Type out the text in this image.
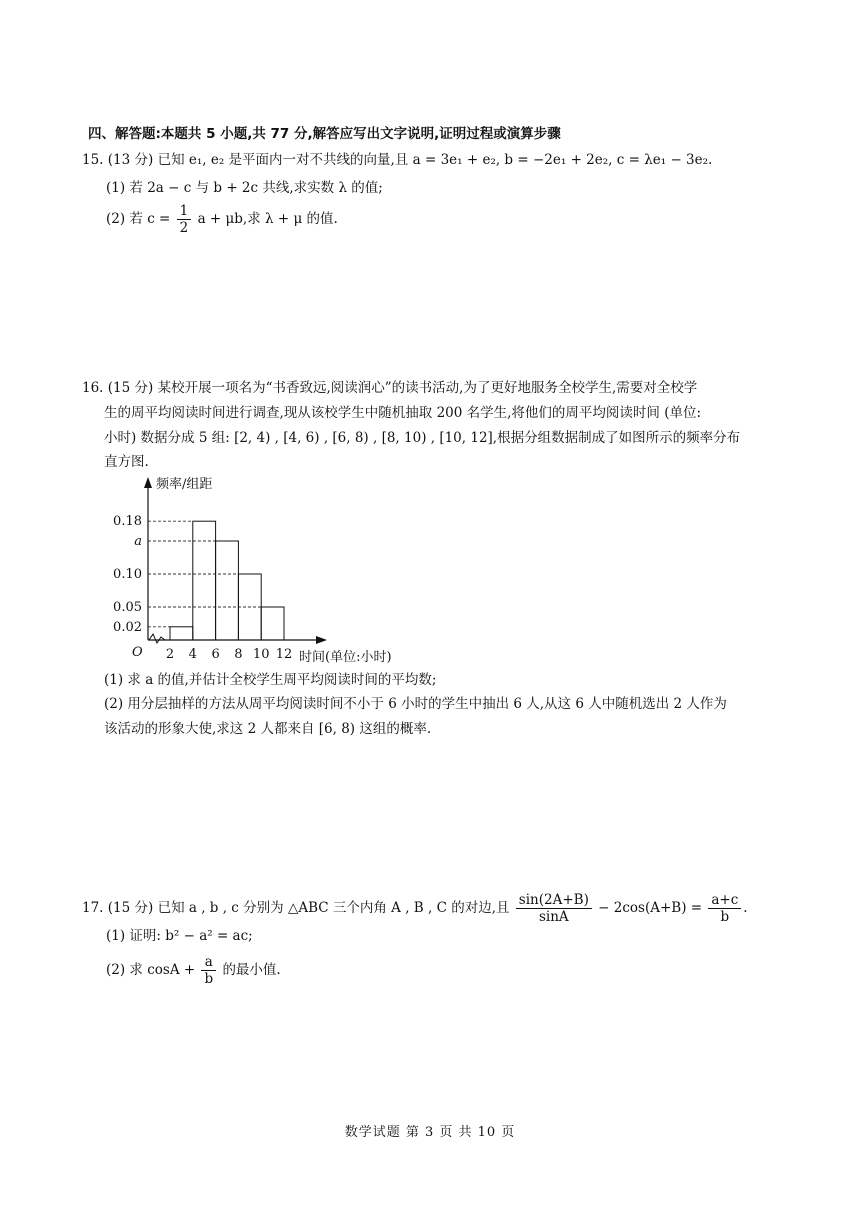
四、解答题:本题共 5 小题,共 77 分,解答应写出文字说明,证明过程或演算步骤
15. (13 分) 已知 e₁, e₂ 是平面内一对不共线的向量,且 a = 3e₁ + e₂, b = −2e₁ + 2e₂, c = λe₁ − 3e₂.
(1) 若 2a − c 与 b + 2c 共线,求实数 λ 的值;
(2) 若 $c = \frac{1}{2}$ a + μb,求 λ + μ 的值.
16. (15 分) 某校开展一项名为“书香致远,阅读润心”的读书活动,为了更好地服务全校学生,需要对全校学
生的周平均阅读时间进行调查,现从该校学生中随机抽取 200 名学生,将他们的周平均阅读时间 (单位:
小时) 数据分成 5 组: [2, 4) , [4, 6) , [6, 8) , [8, 10) , [10, 12],根据分组数据制成了如图所示的频率分布
直方图.
频率/组距
时间(单位:小时)
O
0.02
0.05
0.10
a
0.18
2 4 6 8 10 12
(1) 求 a 的值,并估计全校学生周平均阅读时间的平均数;
(2) 用分层抽样的方法从周平均阅读时间不小于 6 小时的学生中抽出 6 人,从这 6 人中随机选出 2 人作为
该活动的形象大使,求这 2 人都来自 [6, 8) 这组的概率.
17. (15 分) 已知 a , b , c 分别为 △ABC 三个内角 A , B , C 的对边,且 $\frac{\sin(2A+B)}{\sin A} - 2\cos(A+B) = \frac{a+c}{b}$ .
(1) 证明: b² − a² = ac;
(2) 求 $\cos A + \frac{a}{b}$ 的最小值.
数学试题 第 3 页 共 10 页
